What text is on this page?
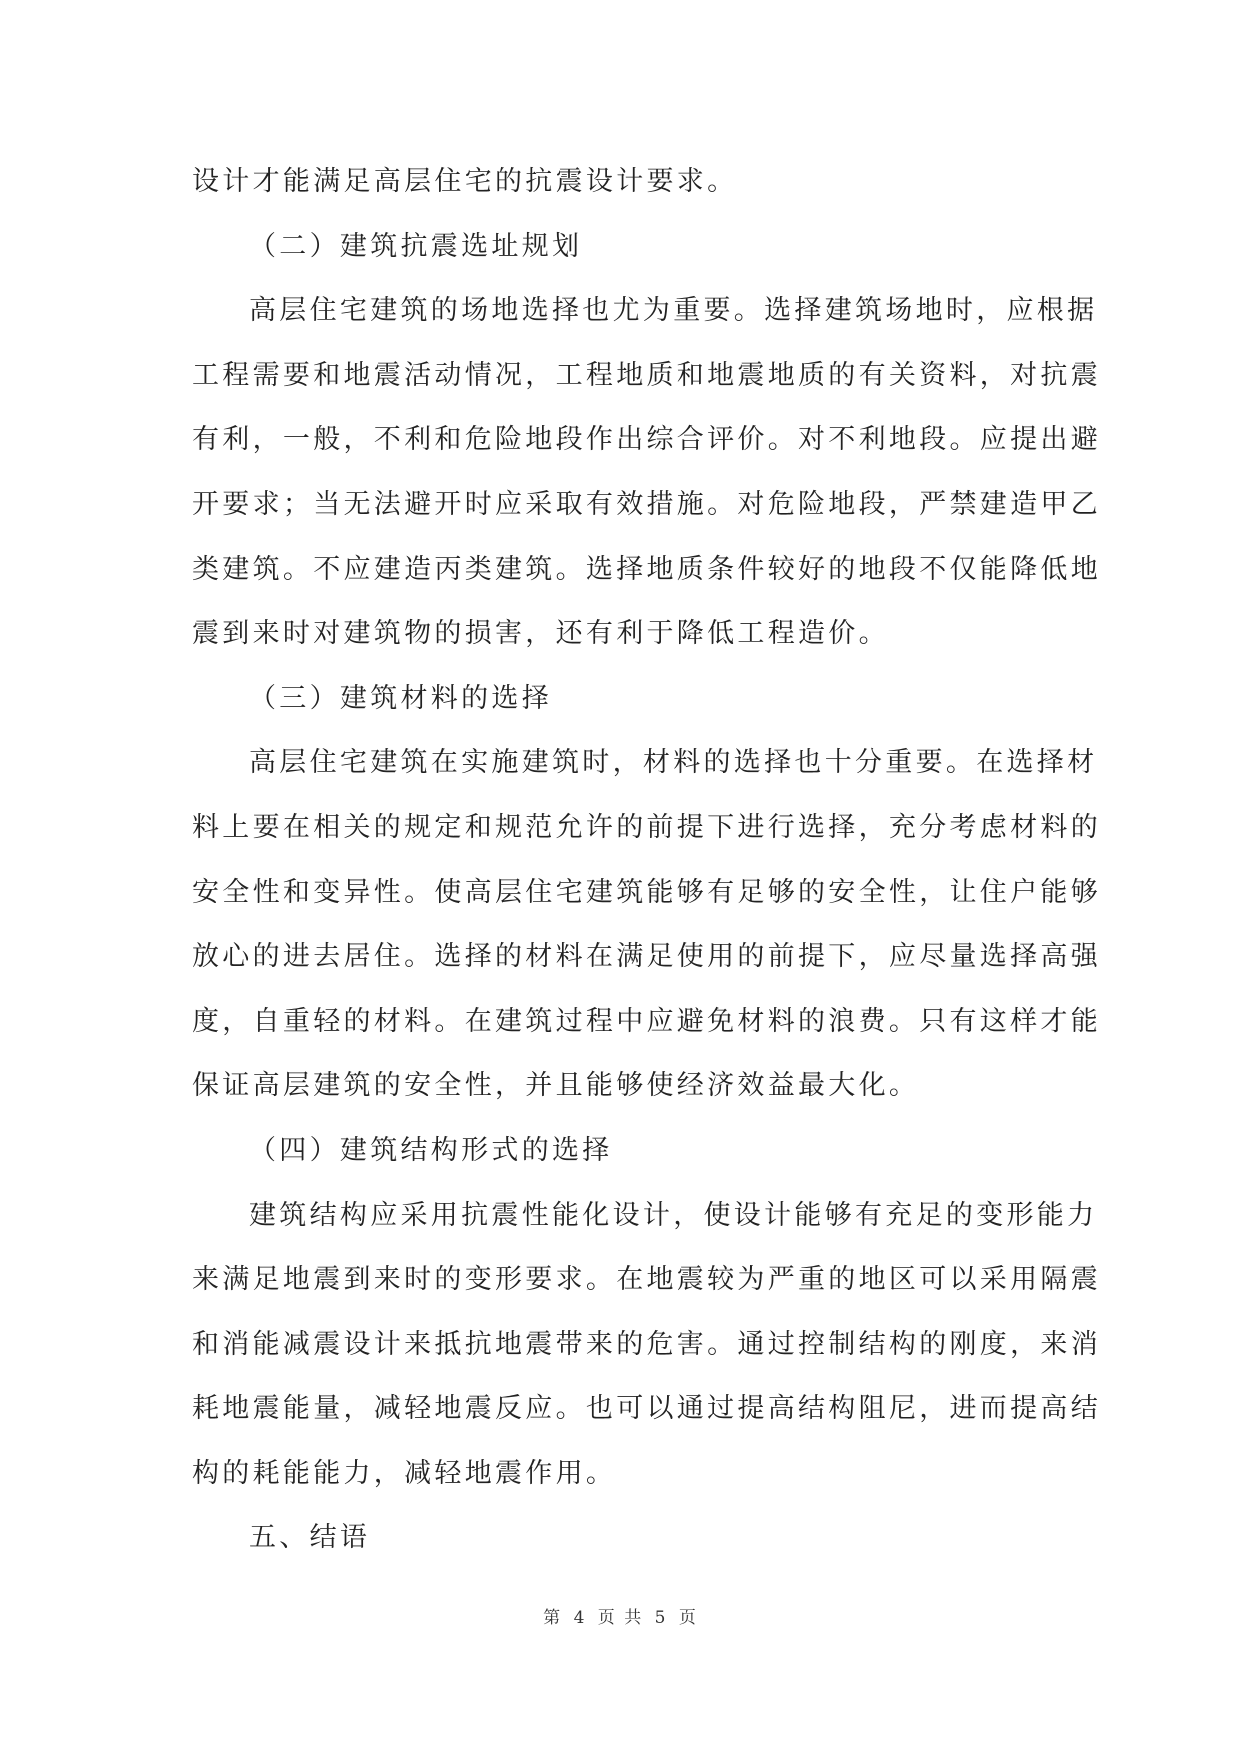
设计才能满足高层住宅的抗震设计要求。
（二）建筑抗震选址规划
高层住宅建筑的场地选择也尤为重要。选择建筑场地时，应根据
工程需要和地震活动情况，工程地质和地震地质的有关资料，对抗震
有利，一般，不利和危险地段作出综合评价。对不利地段。应提出避
开要求；当无法避开时应采取有效措施。对危险地段，严禁建造甲乙
类建筑。不应建造丙类建筑。选择地质条件较好的地段不仅能降低地
震到来时对建筑物的损害，还有利于降低工程造价。
（三）建筑材料的选择
高层住宅建筑在实施建筑时，材料的选择也十分重要。在选择材
料上要在相关的规定和规范允许的前提下进行选择，充分考虑材料的
安全性和变异性。使高层住宅建筑能够有足够的安全性，让住户能够
放心的进去居住。选择的材料在满足使用的前提下，应尽量选择高强
度，自重轻的材料。在建筑过程中应避免材料的浪费。只有这样才能
保证高层建筑的安全性，并且能够使经济效益最大化。
（四）建筑结构形式的选择
建筑结构应采用抗震性能化设计，使设计能够有充足的变形能力
来满足地震到来时的变形要求。在地震较为严重的地区可以采用隔震
和消能减震设计来抵抗地震带来的危害。通过控制结构的刚度，来消
耗地震能量，减轻地震反应。也可以通过提高结构阻尼，进而提高结
构的耗能能力，减轻地震作用。
五、结语
第 4 页 共 5 页
